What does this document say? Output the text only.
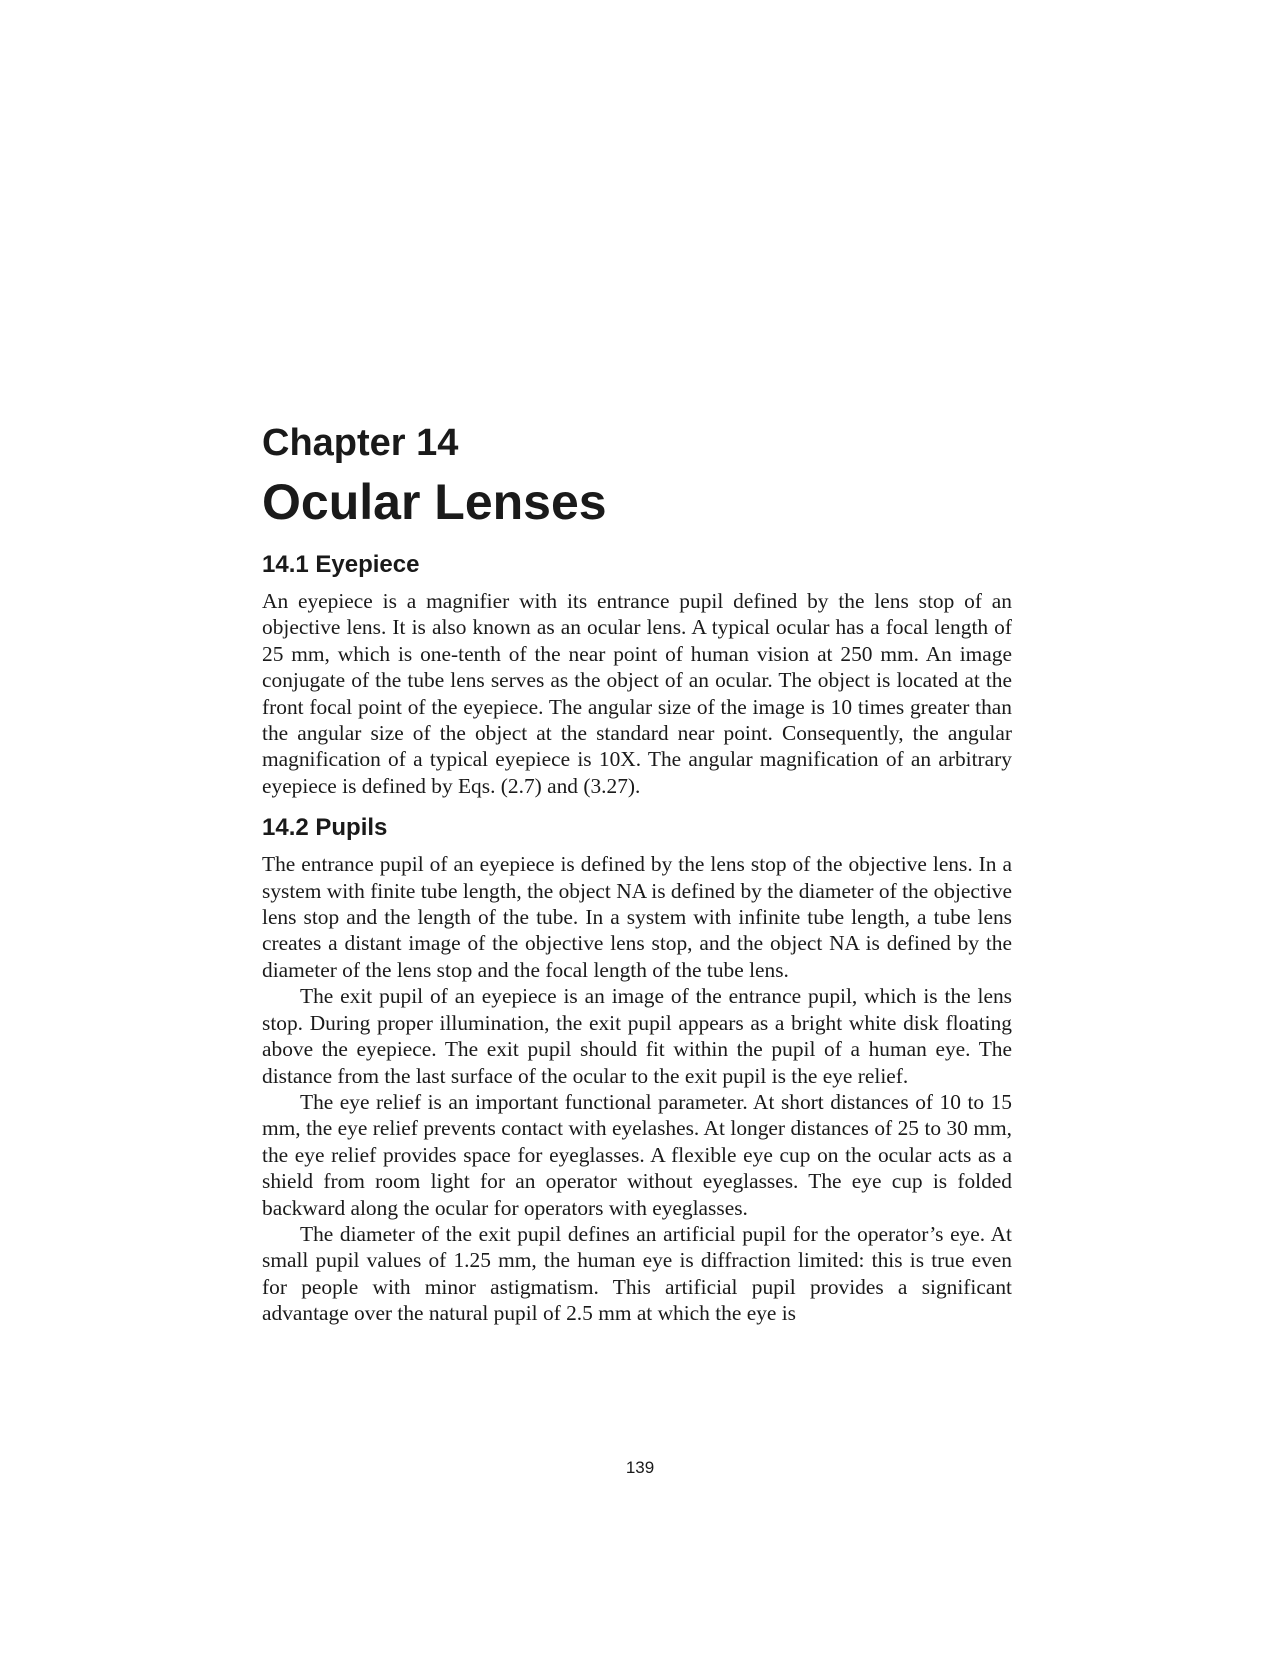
Chapter 14
Ocular Lenses
14.1 Eyepiece

An eyepiece is a magnifier with its entrance pupil defined by the lens stop of an objective lens. It is also known as an ocular lens. A typical ocular has a focal length of 25 mm, which is one-tenth of the near point of human vision at 250 mm. An image conjugate of the tube lens serves as the object of an ocular. The object is located at the front focal point of the eyepiece. The angular size of the image is 10 times greater than the angular size of the object at the standard near point. Consequently, the angular magnification of a typical eyepiece is 10X. The angular magnification of an arbitrary eyepiece is defined by Eqs. (2.7) and (3.27).

14.2 Pupils

The entrance pupil of an eyepiece is defined by the lens stop of the objective lens. In a system with finite tube length, the object NA is defined by the diameter of the objective lens stop and the length of the tube. In a system with infinite tube length, a tube lens creates a distant image of the objective lens stop, and the object NA is defined by the diameter of the lens stop and the focal length of the tube lens.

The exit pupil of an eyepiece is an image of the entrance pupil, which is the lens stop. During proper illumination, the exit pupil appears as a bright white disk floating above the eyepiece. The exit pupil should fit within the pupil of a human eye. The distance from the last surface of the ocular to the exit pupil is the eye relief.

The eye relief is an important functional parameter. At short distances of 10 to 15 mm, the eye relief prevents contact with eyelashes. At longer distances of 25 to 30 mm, the eye relief provides space for eyeglasses. A flexible eye cup on the ocular acts as a shield from room light for an operator without eyeglasses. The eye cup is folded backward along the ocular for operators with eyeglasses.

The diameter of the exit pupil defines an artificial pupil for the operator’s eye. At small pupil values of 1.25 mm, the human eye is diffraction limited: this is true even for people with minor astigmatism. This artificial pupil provides a significant advantage over the natural pupil of 2.5 mm at which the eye is

139
